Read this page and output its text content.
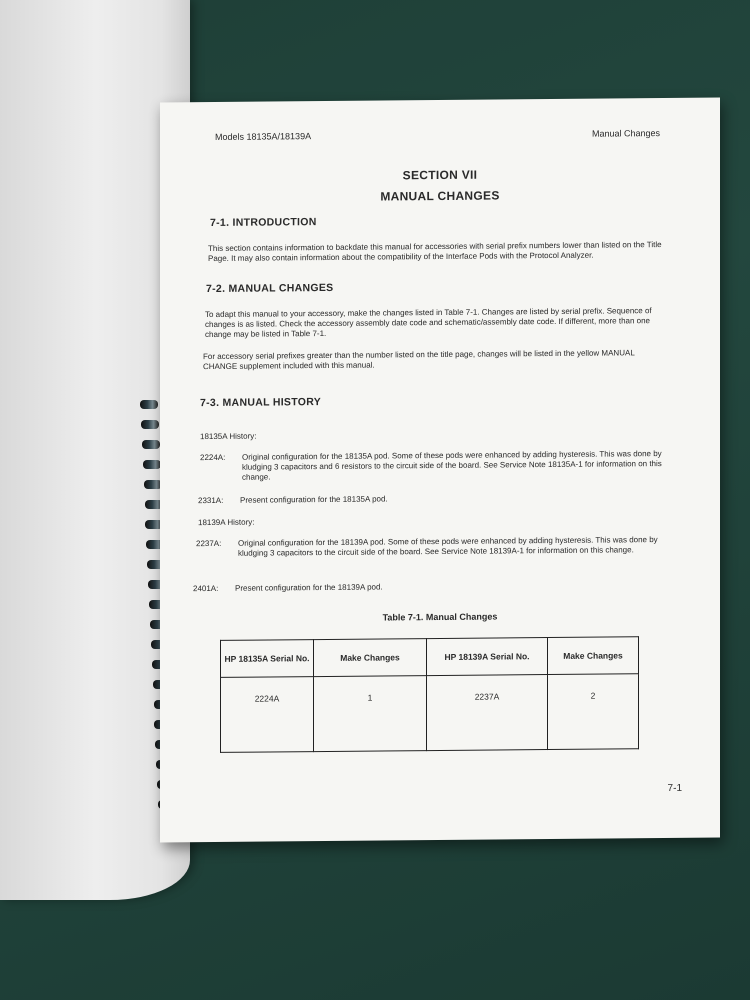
Models 18135A/18139A	Manual Changes
SECTION VII
MANUAL CHANGES
7-1. INTRODUCTION
This section contains information to backdate this manual for accessories with serial prefix numbers lower than listed on the Title Page. It may also contain information about the compatibility of the Interface Pods with the Protocol Analyzer.
7-2. MANUAL CHANGES
To adapt this manual to your accessory, make the changes listed in Table 7-1. Changes are listed by serial prefix. Sequence of changes is as listed. Check the accessory assembly date code and schematic/assembly date code. If different, more than one change may be listed in Table 7-1.
For accessory serial prefixes greater than the number listed on the title page, changes will be listed in the yellow MANUAL CHANGE supplement included with this manual.
7-3. MANUAL HISTORY
18135A History:
2224A: Original configuration for the 18135A pod. Some of these pods were enhanced by adding hysteresis. This was done by kludging 3 capacitors and 6 resistors to the circuit side of the board. See Service Note 18135A-1 for information on this change.
2331A: Present configuration for the 18135A pod.
18139A History:
2237A: Original configuration for the 18139A pod. Some of these pods were enhanced by adding hysteresis. This was done by kludging 3 capacitors to the circuit side of the board. See Service Note 18139A-1 for information on this change.
2401A: Present configuration for the 18139A pod.
Table 7-1. Manual Changes
HP 18135A Serial No.	Make Changes	HP 18139A Serial No.	Make Changes
2224A	1	2237A	2
7-1
